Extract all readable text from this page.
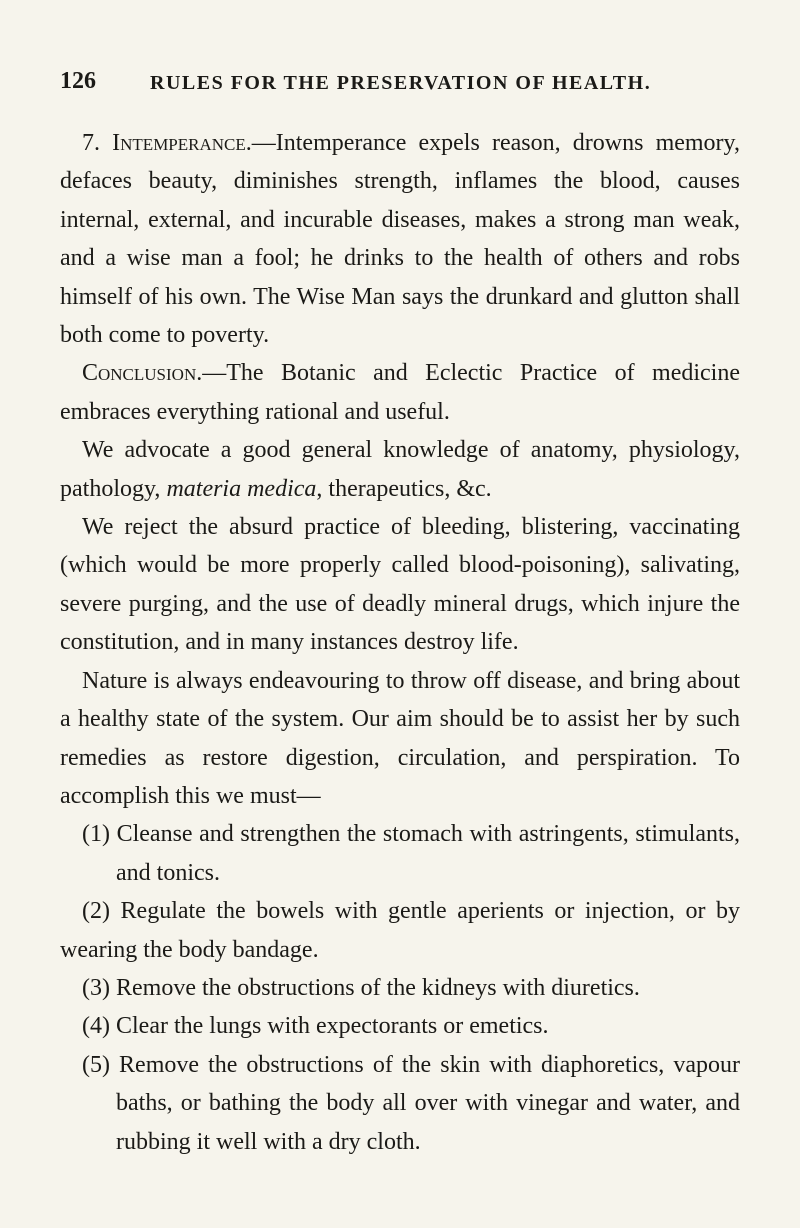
126	RULES FOR THE PRESERVATION OF HEALTH.

7. Intemperance.—Intemperance expels reason, drowns memory, defaces beauty, diminishes strength, inflames the blood, causes internal, external, and incurable diseases, makes a strong man weak, and a wise man a fool; he drinks to the health of others and robs himself of his own. The Wise Man says the drunkard and glutton shall both come to poverty.

Conclusion.—The Botanic and Eclectic Practice of medicine embraces everything rational and useful.

We advocate a good general knowledge of anatomy, physiology, pathology, materia medica, therapeutics, &c.

We reject the absurd practice of bleeding, blistering, vaccinating (which would be more properly called blood-poisoning), salivating, severe purging, and the use of deadly mineral drugs, which injure the constitution, and in many instances destroy life.

Nature is always endeavouring to throw off disease, and bring about a healthy state of the system. Our aim should be to assist her by such remedies as restore digestion, circulation, and perspiration. To accomplish this we must—

(1) Cleanse and strengthen the stomach with astringents, stimulants, and tonics.

(2) Regulate the bowels with gentle aperients or injection, or by wearing the body bandage.

(3) Remove the obstructions of the kidneys with diuretics.

(4) Clear the lungs with expectorants or emetics.

(5) Remove the obstructions of the skin with diaphoretics, vapour baths, or bathing the body all over with vinegar and water, and rubbing it well with a dry cloth.
